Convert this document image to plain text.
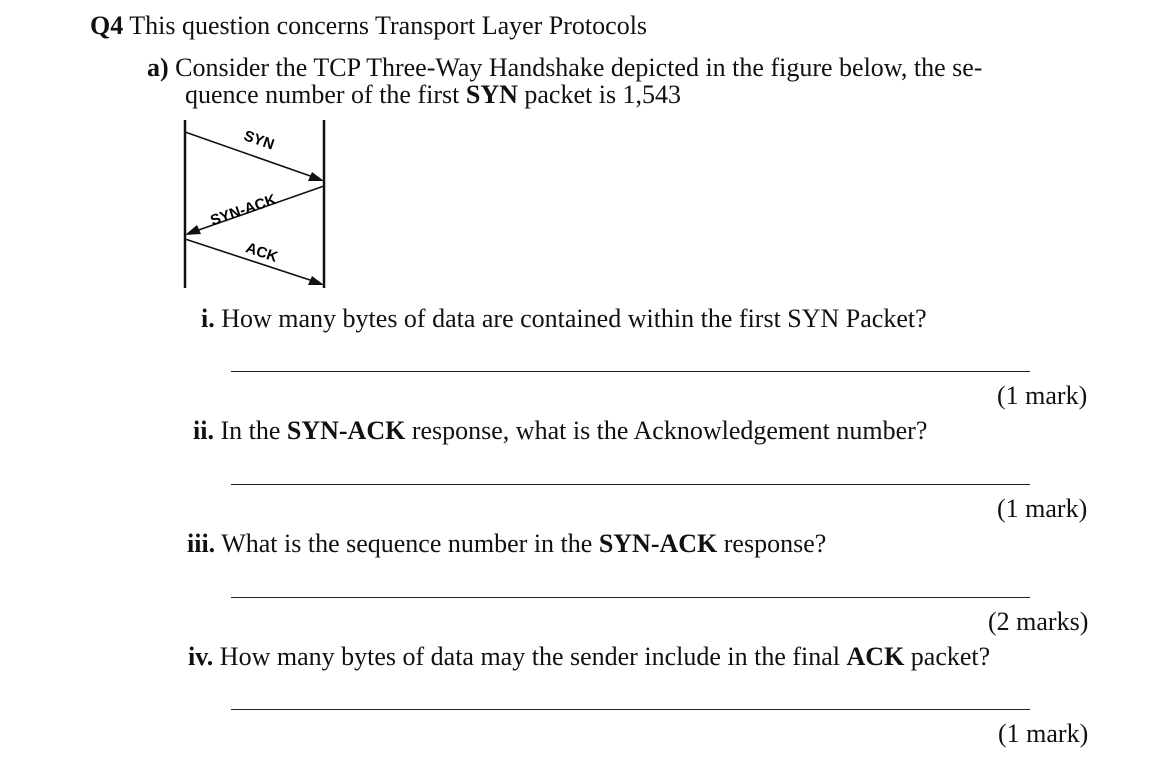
Q4 This question concerns Transport Layer Protocols
a) Consider the TCP Three-Way Handshake depicted in the figure below, the se-
quence number of the first SYN packet is 1,543
SYN
SYN-ACK
ACK
i. How many bytes of data are contained within the first SYN Packet?
(1 mark)
ii. In the SYN-ACK response, what is the Acknowledgement number?
(1 mark)
iii. What is the sequence number in the SYN-ACK response?
(2 marks)
iv. How many bytes of data may the sender include in the final ACK packet?
(1 mark)
